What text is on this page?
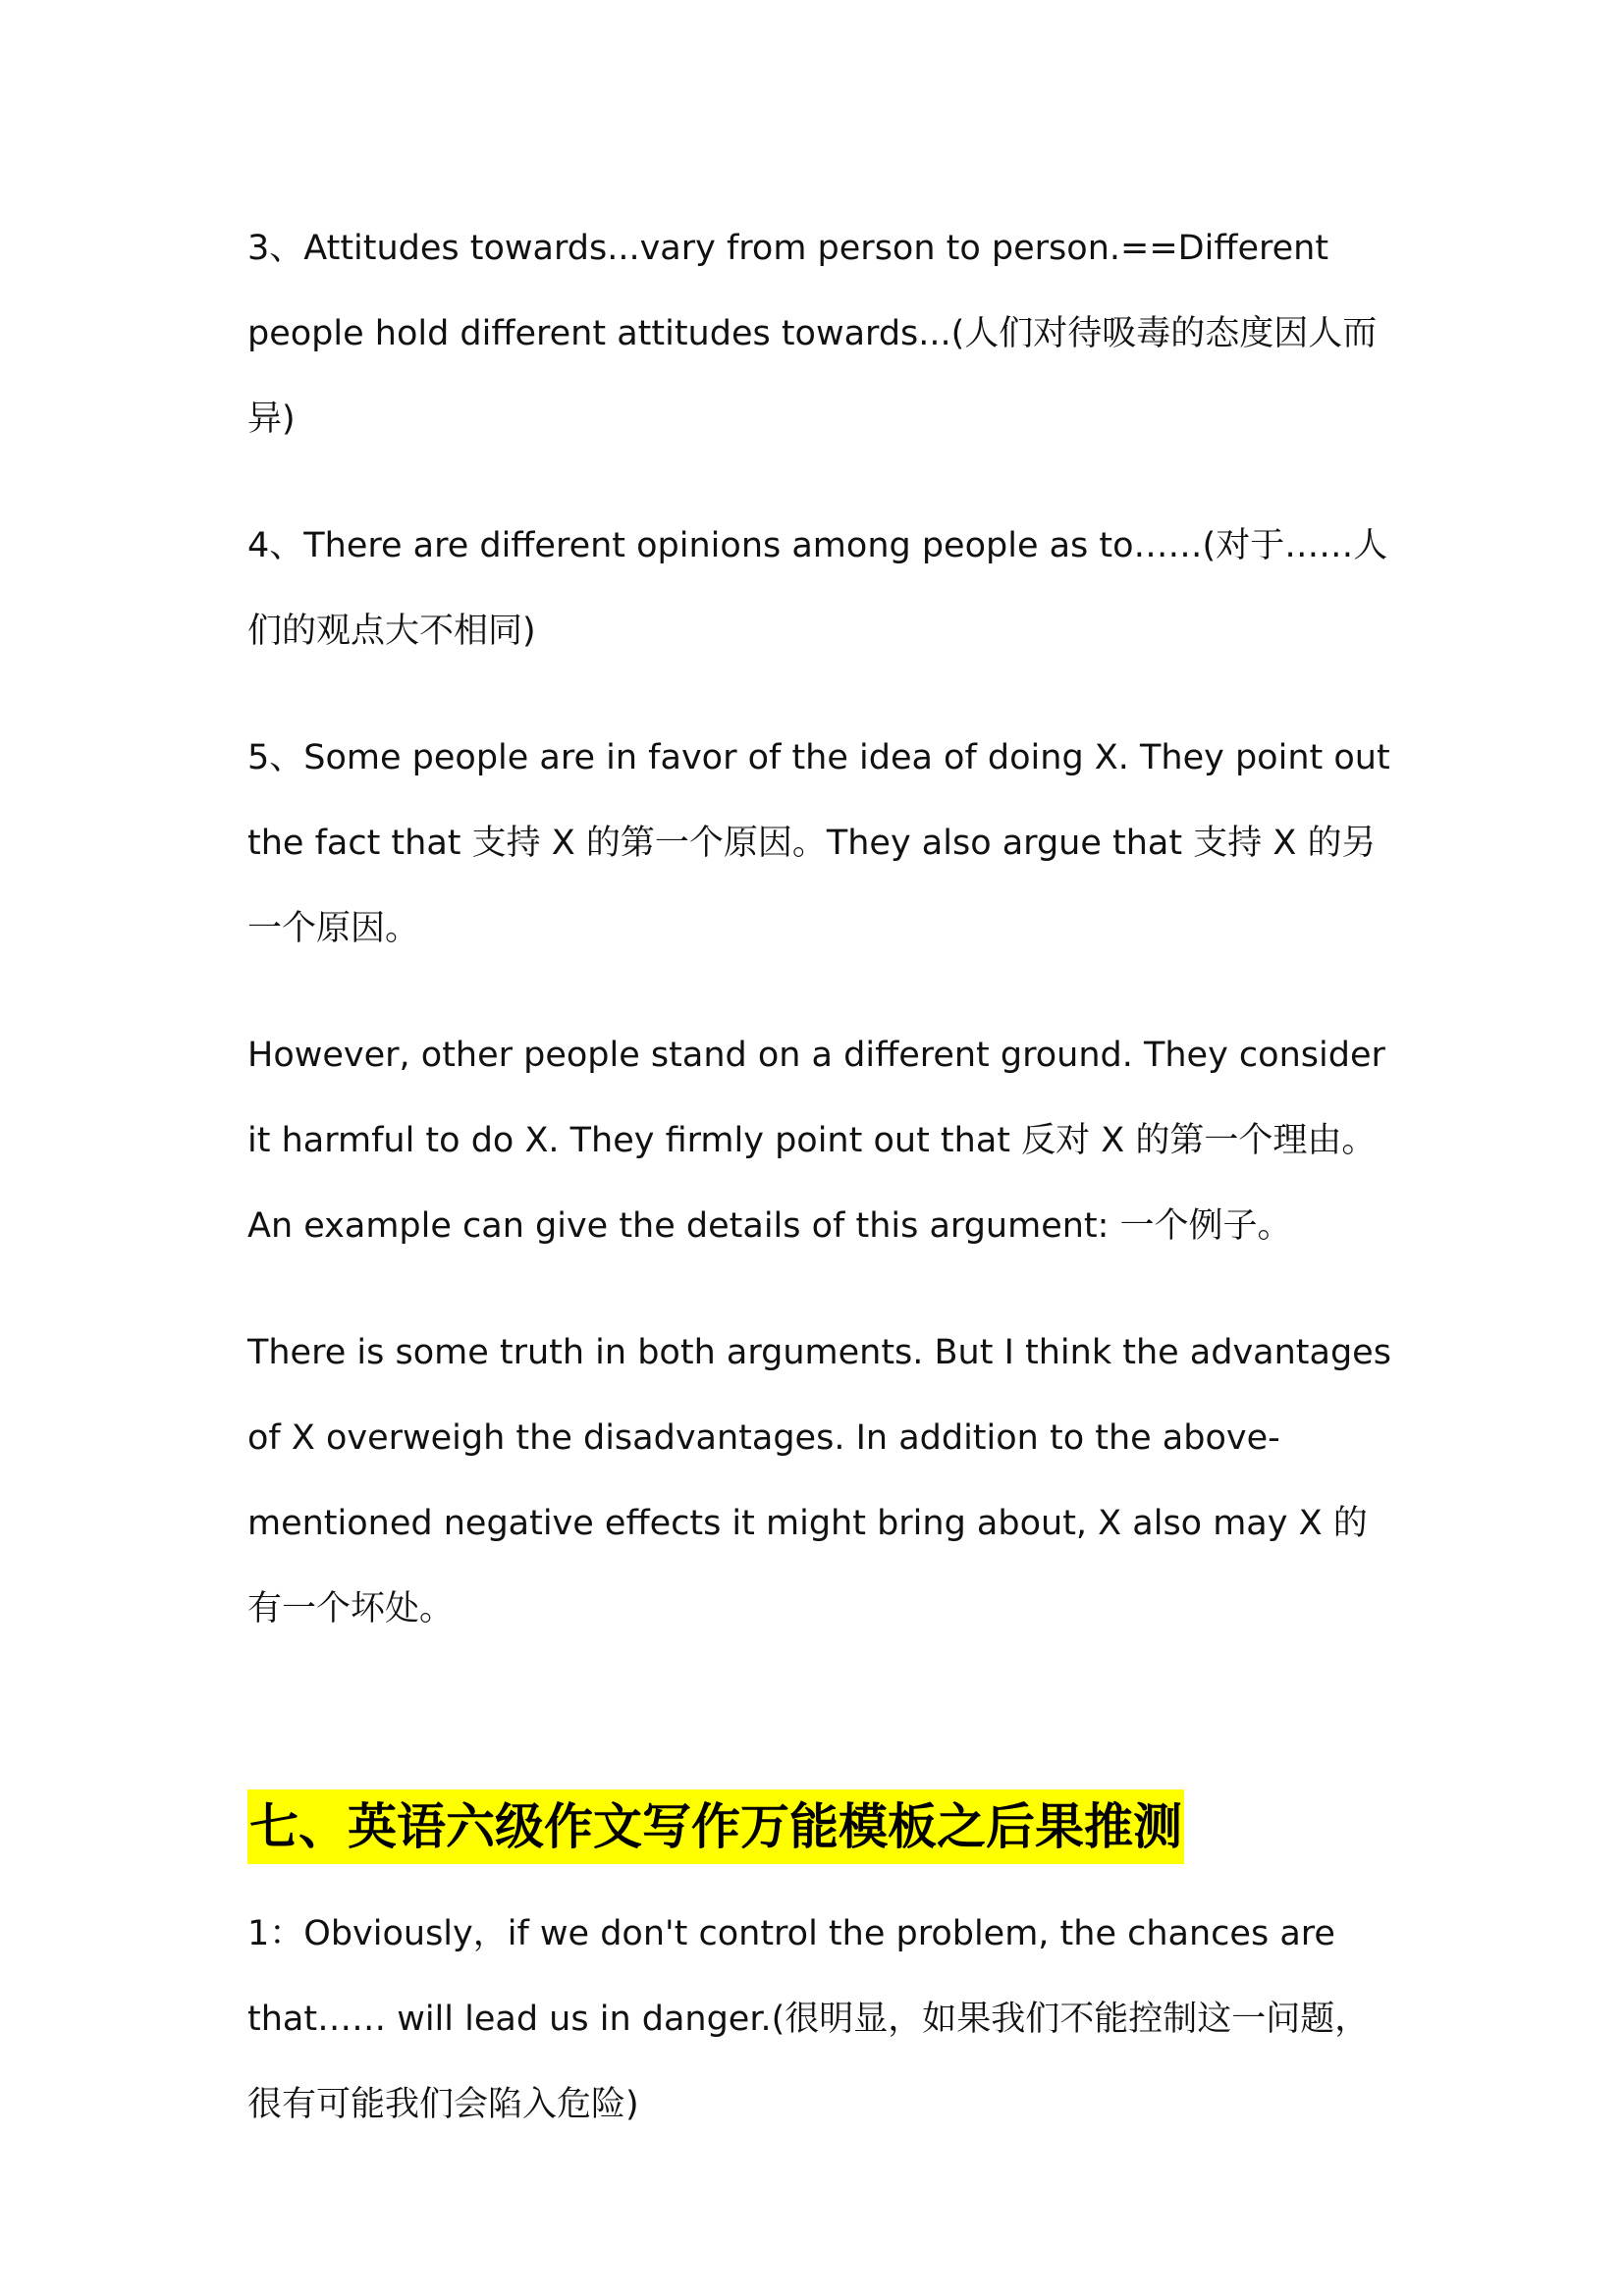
3、Attitudes towards...vary from person to person.==Different people hold different attitudes towards...(人们对待吸毒的态度因人而异)

4、There are different opinions among people as to……(对于……人们的观点大不相同)

5、Some people are in favor of the idea of doing X. They point out the fact that 支持 X 的第一个原因。They also argue that 支持 X 的另一个原因。

However, other people stand on a different ground. They consider it harmful to do X. They firmly point out that 反对 X 的第一个理由。 An example can give the details of this argument: 一个例子。

There is some truth in both arguments. But I think the advantages of X overweigh the disadvantages. In addition to the above-mentioned negative effects it might bring about, X also may X 的有一个坏处。

七、英语六级作文写作万能模板之后果推测

1：Obviously，if we don't control the problem, the chances are that…… will lead us in danger.(很明显，如果我们不能控制这一问题，很有可能我们会陷入危险)
